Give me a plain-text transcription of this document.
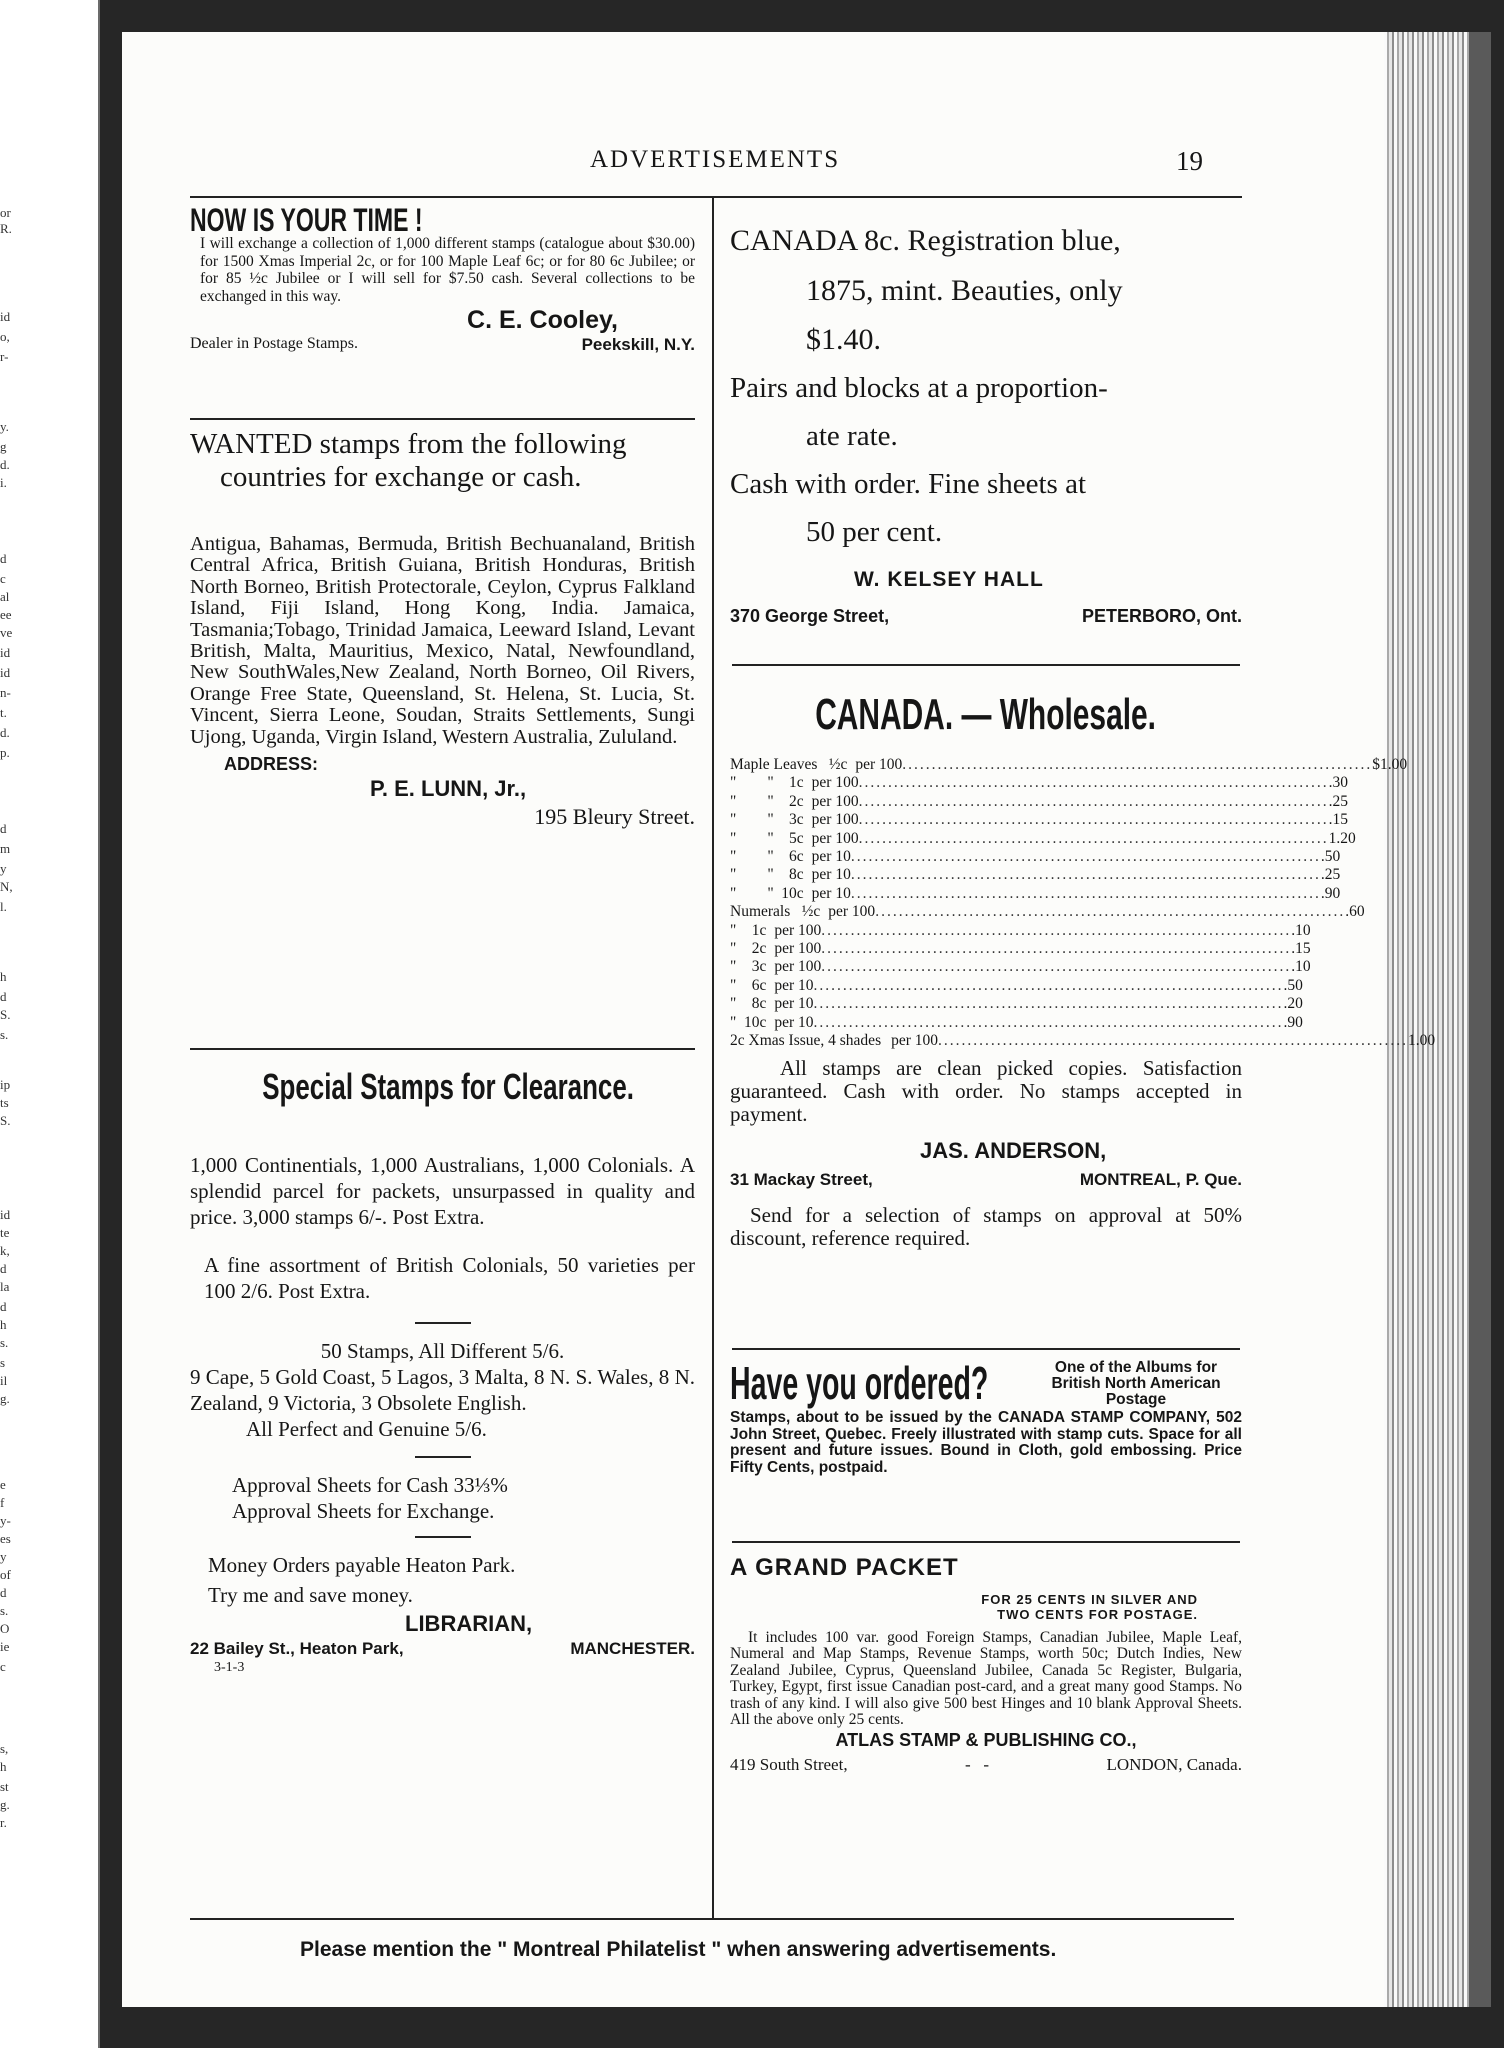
or
R.
id
o,
r-
y.
g
d.
i.
d
c
al
ee
ve
id
id
n-
t.
d.
p.
d
m
y
N,
l.
h
d
S.
s.
ip
ts
S.
id
te
k,
d
la
d
h
s.
s
il
g.
e
f
y-
es
y
of
d
s.
O
ie
c
s,
h
st
g.
r.
ADVERTISEMENTS	19
NOW IS YOUR TIME !
I will exchange a collection of 1,000 different stamps (catalogue about $30.00) for 1500 Xmas Imperial 2c, or for 100 Maple Leaf 6c; or for 80 6c Jubilee; or for 85 ½c Jubilee or I will sell for $7.50 cash. Several collections to be exchanged in this way.
C. E. Cooley,
Dealer in Postage Stamps.	Peekskill, N.Y.
WANTED stamps from the following countries for exchange or cash.
Antigua, Bahamas, Bermuda, British Bechuanaland, British Central Africa, British Guiana, British Honduras, British North Borneo, British Protectorale, Ceylon, Cyprus Falkland Island, Fiji Island, Hong Kong, India. Jamaica, Tasmania;Tobago, Trinidad Jamaica, Leeward Island, Levant British, Malta, Mauritius, Mexico, Natal, Newfoundland, New SouthWales,New Zealand, North Borneo, Oil Rivers, Orange Free State, Queensland, St. Helena, St. Lucia, St. Vincent, Sierra Leone, Soudan, Straits Settlements, Sungi Ujong, Uganda, Virgin Island, Western Australia, Zululand.
ADDRESS:
P. E. LUNN, Jr.,
195 Bleury Street.
Special Stamps for Clearance.
1,000 Continentials, 1,000 Australians, 1,000 Colonials. A splendid parcel for packets, unsurpassed in quality and price. 3,000 stamps 6/-. Post Extra.
A fine assortment of British Colonials, 50 varieties per 100 2/6. Post Extra.
50 Stamps, All Different 5/6.
9 Cape, 5 Gold Coast, 5 Lagos, 3 Malta, 8 N. S. Wales, 8 N. Zealand, 9 Victoria, 3 Obsolete English.
All Perfect and Genuine 5/6.
Approval Sheets for Cash 33⅓%
Approval Sheets for Exchange.
Money Orders payable Heaton Park.
Try me and save money.
LIBRARIAN,
22 Bailey St., Heaton Park,	MANCHESTER.
3-1-3
CANADA 8c. Registration blue,
1875, mint. Beauties, only
$1.40.
Pairs and blocks at a proportion-
ate rate.
Cash with order. Fine sheets at
50 per cent.
W. KELSEY HALL
370 George Street,	PETERBORO, Ont.
CANADA. — Wholesale.
Maple Leaves ½c per 100 ................................................................................ $1.00
"        " 1c per 100 ................................................................................ .30
"        " 2c per 100 ................................................................................ .25
"        " 3c per 100 ................................................................................ .15
"        " 5c per 100 ................................................................................ 1.20
"        " 6c per 10 ................................................................................ .50
"        " 8c per 10 ................................................................................ .25
"        " 10c per 10 ................................................................................ .90
Numerals ½c per 100 ................................................................................ .60
" 1c per 100 ................................................................................ .10
" 2c per 100 ................................................................................ .15
" 3c per 100 ................................................................................ .10
" 6c per 10 ................................................................................ .50
" 8c per 10 ................................................................................ .20
" 10c per 10 ................................................................................ .90
2c Xmas Issue, 4 shades per 100 ................................................................................ 1.00
All stamps are clean picked copies. Satisfaction guaranteed. Cash with order. No stamps accepted in payment.
JAS. ANDERSON,
31 Mackay Street,	MONTREAL, P. Que.
Send for a selection of stamps on approval at 50% discount, reference required.
Have you ordered?	One of the Albums for British North American Postage
Stamps, about to be issued by the CANADA STAMP COMPANY, 502 John Street, Quebec. Freely illustrated with stamp cuts. Space for all present and future issues. Bound in Cloth, gold embossing. Price Fifty Cents, postpaid.
A GRAND PACKET
FOR 25 CENTS IN SILVER AND
TWO CENTS FOR POSTAGE.
It includes 100 var. good Foreign Stamps, Canadian Jubilee, Maple Leaf, Numeral and Map Stamps, Revenue Stamps, worth 50c; Dutch Indies, New Zealand Jubilee, Cyprus, Queensland Jubilee, Canada 5c Register, Bulgaria, Turkey, Egypt, first issue Canadian post-card, and a great many good Stamps. No trash of any kind. I will also give 500 best Hinges and 10 blank Approval Sheets. All the above only 25 cents.
ATLAS STAMP & PUBLISHING CO.,
419 South Street,	-   -	LONDON, Canada.
Please mention the " Montreal Philatelist " when answering advertisements.
